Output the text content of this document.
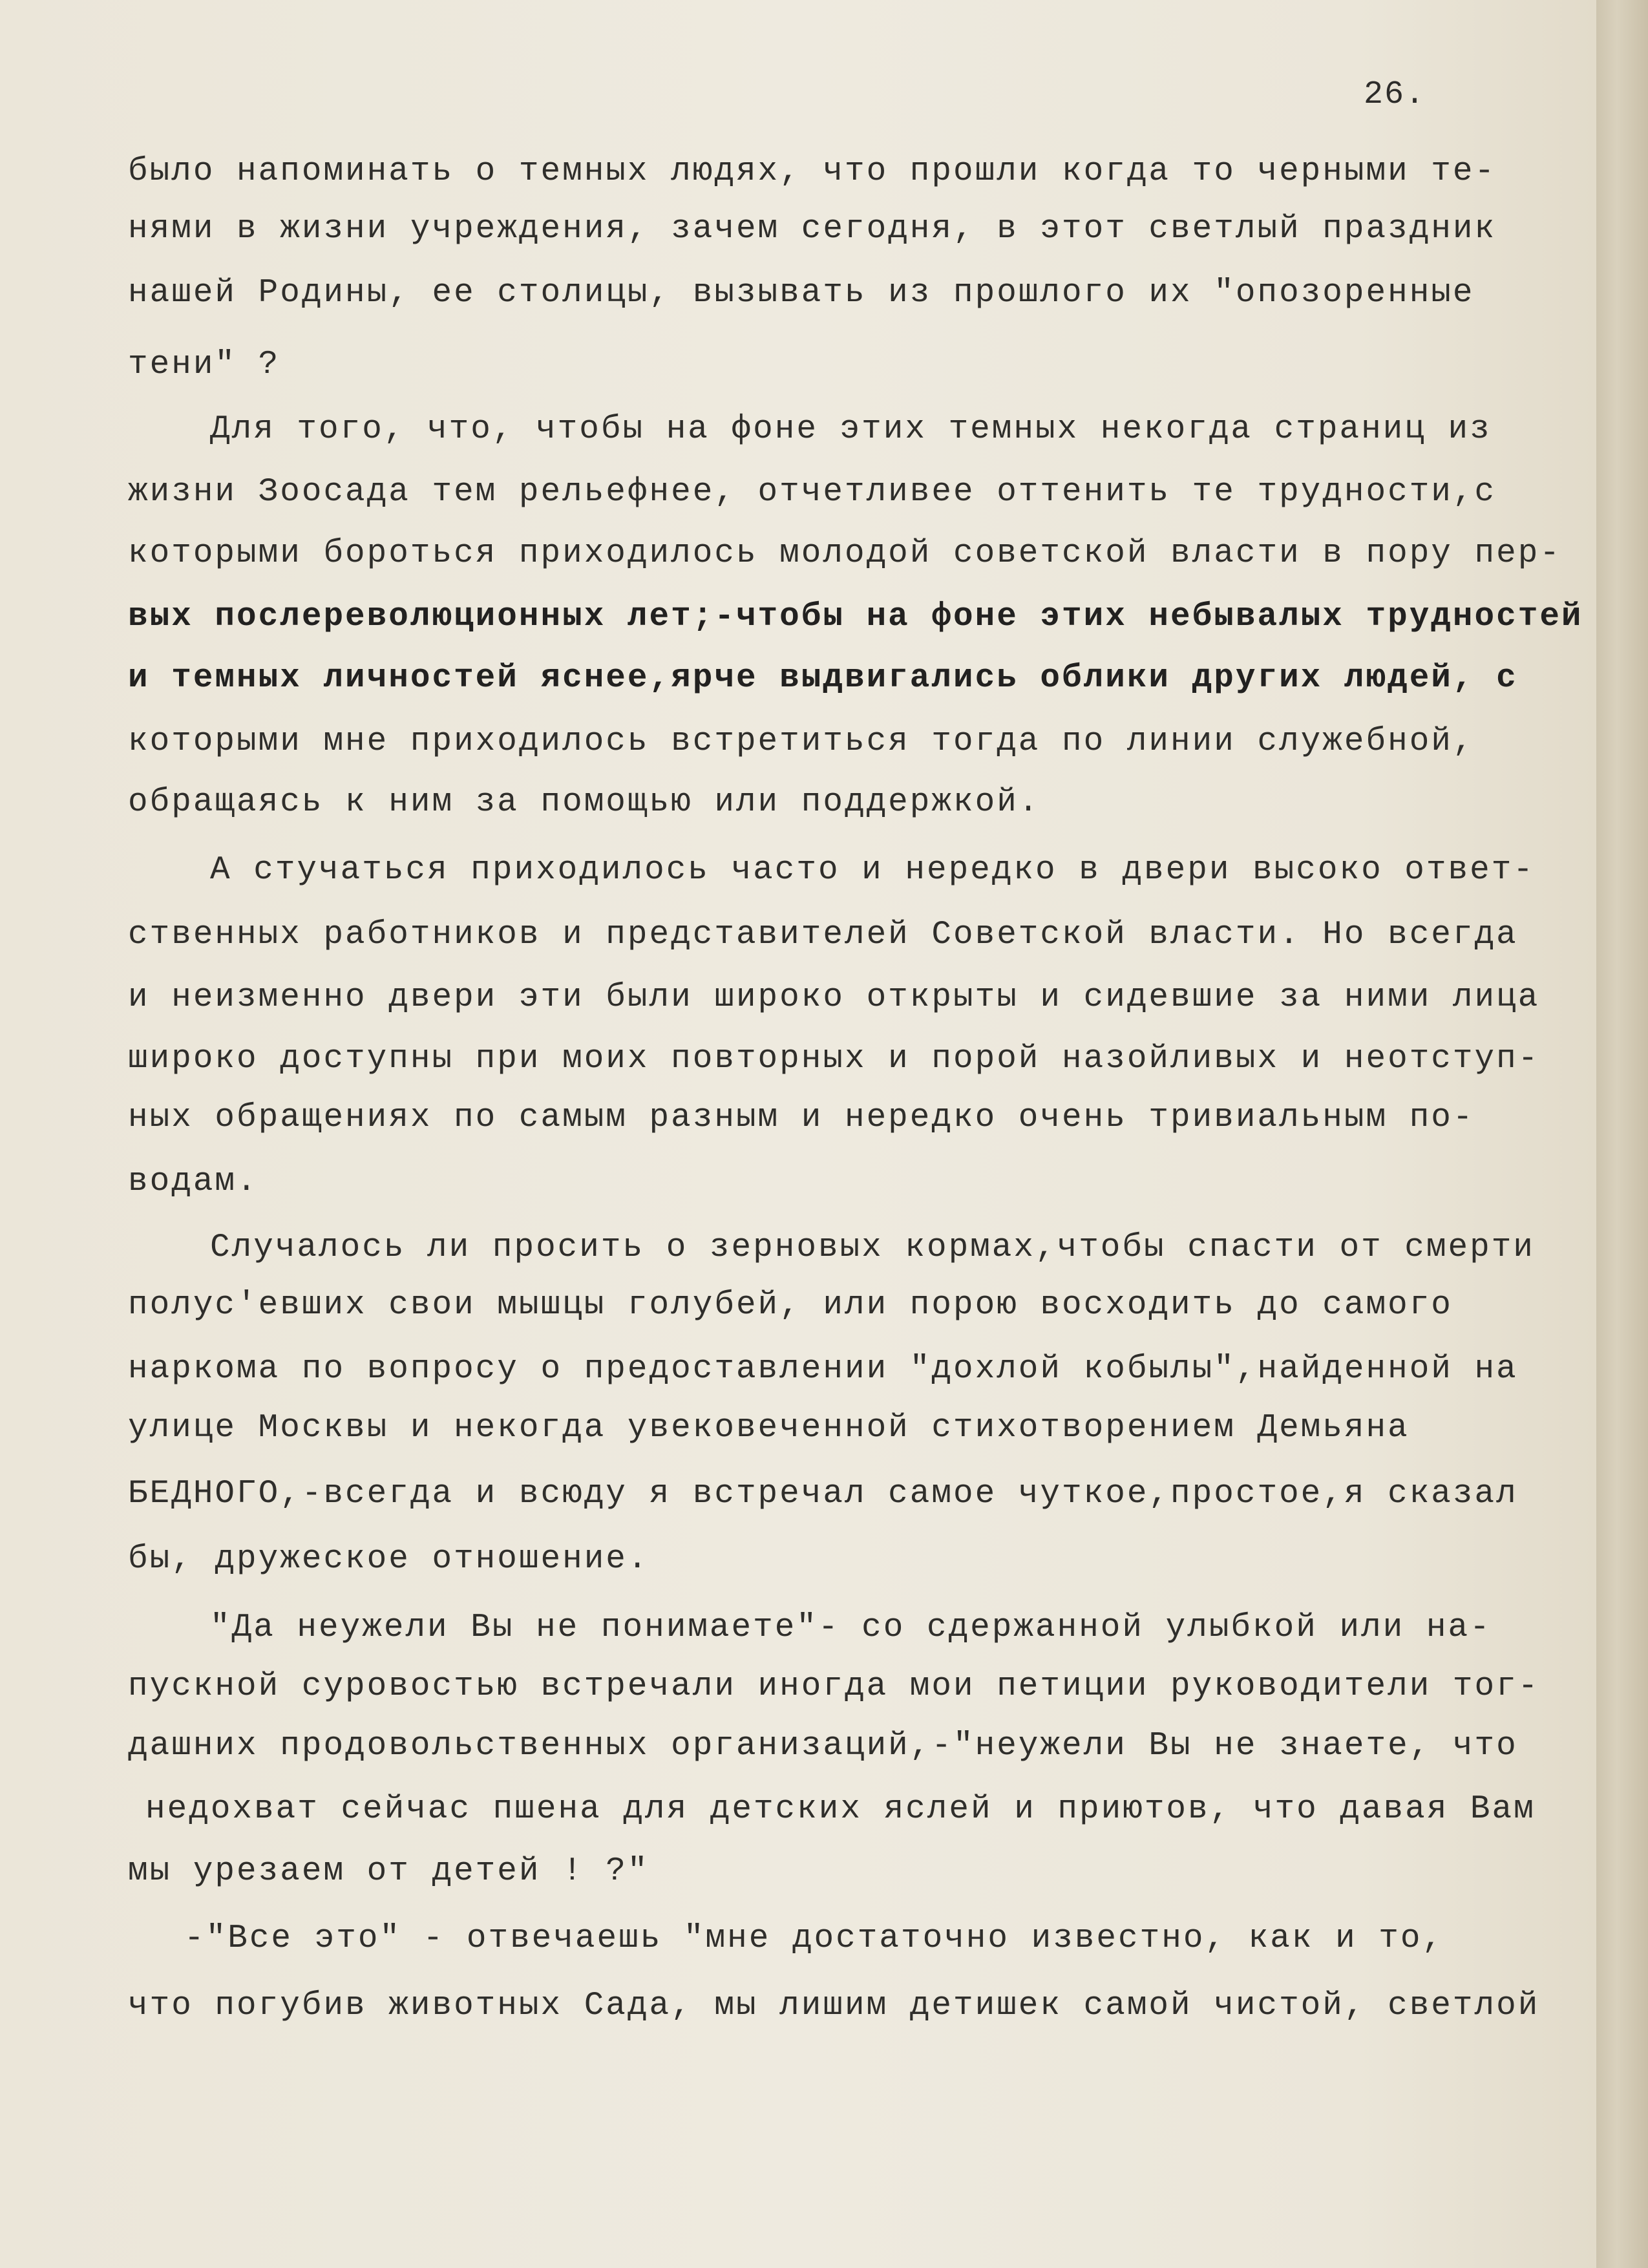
26.
было напоминать о темных людях, что прошли когда то черными те-
нями в жизни учреждения, зачем сегодня, в этот светлый праздник
нашей Родины, ее столицы, вызывать из прошлого их "опозоренные
тени" ?
Для того, что, чтобы на фоне этих темных некогда страниц из
жизни Зоосада тем рельефнее, отчетливее оттенить те трудности,с
которыми бороться приходилось молодой советской власти в пору пер-
вых послереволюционных лет;-чтобы на фоне этих небывалых трудностей
и темных личностей яснее,ярче выдвигались облики других людей, с
которыми мне приходилось встретиться тогда по линии служебной,
обращаясь к ним за помощью или поддержкой.
А стучаться приходилось часто и нередко в двери высоко ответ-
ственных работников и представителей Советской власти. Но всегда
и неизменно двери эти были широко открыты и сидевшие за ними лица
широко доступны при моих повторных и порой назойливых и неотступ-
ных обращениях по самым разным и нередко очень тривиальным по-
водам.
Случалось ли просить о зерновых кормах,чтобы спасти от смерти
полус'евших свои мышцы голубей, или порою восходить до самого
наркома по вопросу о предоставлении "дохлой кобылы",найденной на
улице Москвы и некогда увековеченной стихотворением Демьяна
БЕДНОГО,-всегда и всюду я встречал самое чуткое,простое,я сказал
бы, дружеское отношение.
"Да неужели Вы не понимаете"- со сдержанной улыбкой или на-
пускной суровостью встречали иногда мои петиции руководители тог-
дашних продовольственных организаций,-"неужели Вы не знаете, что
недохват сейчас пшена для детских яслей и приютов, что давая Вам
мы урезаем от детей ! ?"
-"Все это" - отвечаешь "мне достаточно известно, как и то,
что погубив животных Сада, мы лишим детишек самой чистой, светлой
